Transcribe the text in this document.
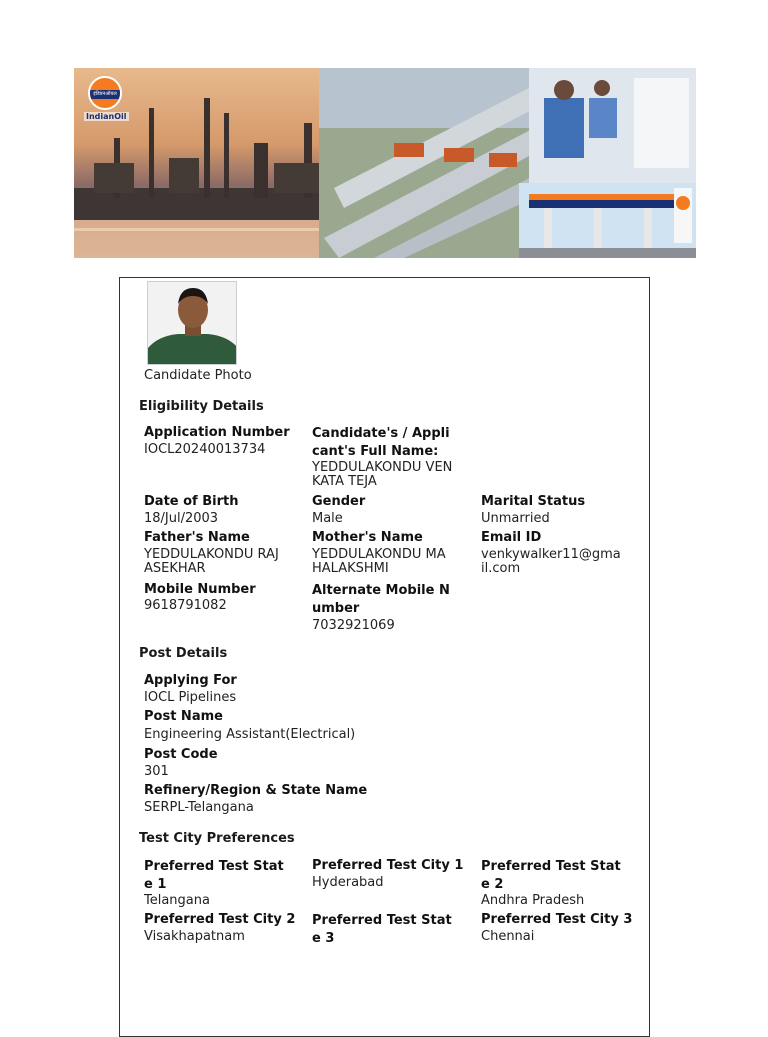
इंडियनऑयल
IndianOil
Candidate Photo
Eligibility Details
Application Number
IOCL20240013734
Candidate's / Applicant's Full Name:
YEDDULAKONDU VENKATA TEJA
Date of Birth
18/Jul/2003
Gender
Male
Marital Status
Unmarried
Father's Name
YEDDULAKONDU RAJASEKHAR
Mother's Name
YEDDULAKONDU MAHALAKSHMI
Email ID
venkywalker11@gmail.com
Mobile Number
9618791082
Alternate Mobile Number
7032921069
Post Details
Applying For
IOCL Pipelines
Post Name
Engineering Assistant(Electrical)
Post Code
301
Refinery/Region & State Name
SERPL-Telangana
Test City Preferences
Preferred Test State 1
Telangana
Preferred Test City 1
Hyderabad
Preferred Test State 2
Andhra Pradesh
Preferred Test City 2
Visakhapatnam
Preferred Test State 3
Preferred Test City 3
Chennai
